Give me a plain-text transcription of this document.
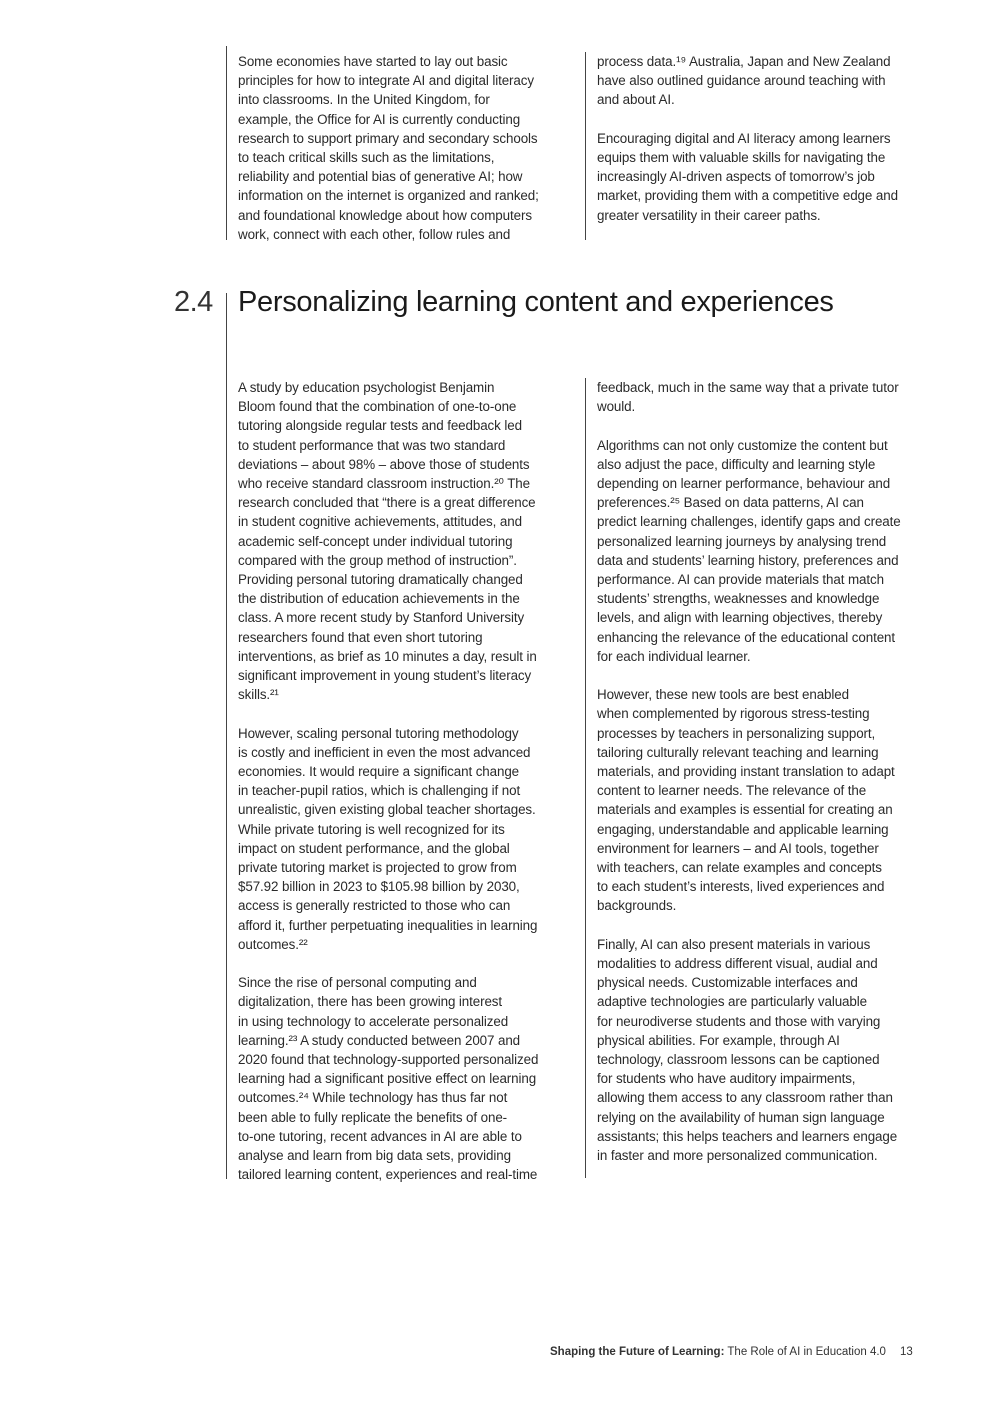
Some economies have started to lay out basic
principles for how to integrate AI and digital literacy
into classrooms. In the United Kingdom, for
example, the Office for AI is currently conducting
research to support primary and secondary schools
to teach critical skills such as the limitations,
reliability and potential bias of generative AI; how
information on the internet is organized and ranked;
and foundational knowledge about how computers
work, connect with each other, follow rules and

process data.¹⁹ Australia, Japan and New Zealand
have also outlined guidance around teaching with
and about AI.

Encouraging digital and AI literacy among learners
equips them with valuable skills for navigating the
increasingly AI-driven aspects of tomorrow’s job
market, providing them with a competitive edge and
greater versatility in their career paths.

2.4 Personalizing learning content and experiences

A study by education psychologist Benjamin
Bloom found that the combination of one-to-one
tutoring alongside regular tests and feedback led
to student performance that was two standard
deviations – about 98% – above those of students
who receive standard classroom instruction.²⁰ The
research concluded that “there is a great difference
in student cognitive achievements, attitudes, and
academic self-concept under individual tutoring
compared with the group method of instruction”.
Providing personal tutoring dramatically changed
the distribution of education achievements in the
class. A more recent study by Stanford University
researchers found that even short tutoring
interventions, as brief as 10 minutes a day, result in
significant improvement in young student’s literacy
skills.²¹

However, scaling personal tutoring methodology
is costly and inefficient in even the most advanced
economies. It would require a significant change
in teacher-pupil ratios, which is challenging if not
unrealistic, given existing global teacher shortages.
While private tutoring is well recognized for its
impact on student performance, and the global
private tutoring market is projected to grow from
$57.92 billion in 2023 to $105.98 billion by 2030,
access is generally restricted to those who can
afford it, further perpetuating inequalities in learning
outcomes.²²

Since the rise of personal computing and
digitalization, there has been growing interest
in using technology to accelerate personalized
learning.²³ A study conducted between 2007 and
2020 found that technology-supported personalized
learning had a significant positive effect on learning
outcomes.²⁴ While technology has thus far not
been able to fully replicate the benefits of one-
to-one tutoring, recent advances in AI are able to
analyse and learn from big data sets, providing
tailored learning content, experiences and real-time

feedback, much in the same way that a private tutor
would.

Algorithms can not only customize the content but
also adjust the pace, difficulty and learning style
depending on learner performance, behaviour and
preferences.²⁵ Based on data patterns, AI can
predict learning challenges, identify gaps and create
personalized learning journeys by analysing trend
data and students’ learning history, preferences and
performance. AI can provide materials that match
students’ strengths, weaknesses and knowledge
levels, and align with learning objectives, thereby
enhancing the relevance of the educational content
for each individual learner.

However, these new tools are best enabled
when complemented by rigorous stress-testing
processes by teachers in personalizing support,
tailoring culturally relevant teaching and learning
materials, and providing instant translation to adapt
content to learner needs. The relevance of the
materials and examples is essential for creating an
engaging, understandable and applicable learning
environment for learners – and AI tools, together
with teachers, can relate examples and concepts
to each student’s interests, lived experiences and
backgrounds.

Finally, AI can also present materials in various
modalities to address different visual, audial and
physical needs. Customizable interfaces and
adaptive technologies are particularly valuable
for neurodiverse students and those with varying
physical abilities. For example, through AI
technology, classroom lessons can be captioned
for students who have auditory impairments,
allowing them access to any classroom rather than
relying on the availability of human sign language
assistants; this helps teachers and learners engage
in faster and more personalized communication.

Shaping the Future of Learning: The Role of AI in Education 4.0 13
